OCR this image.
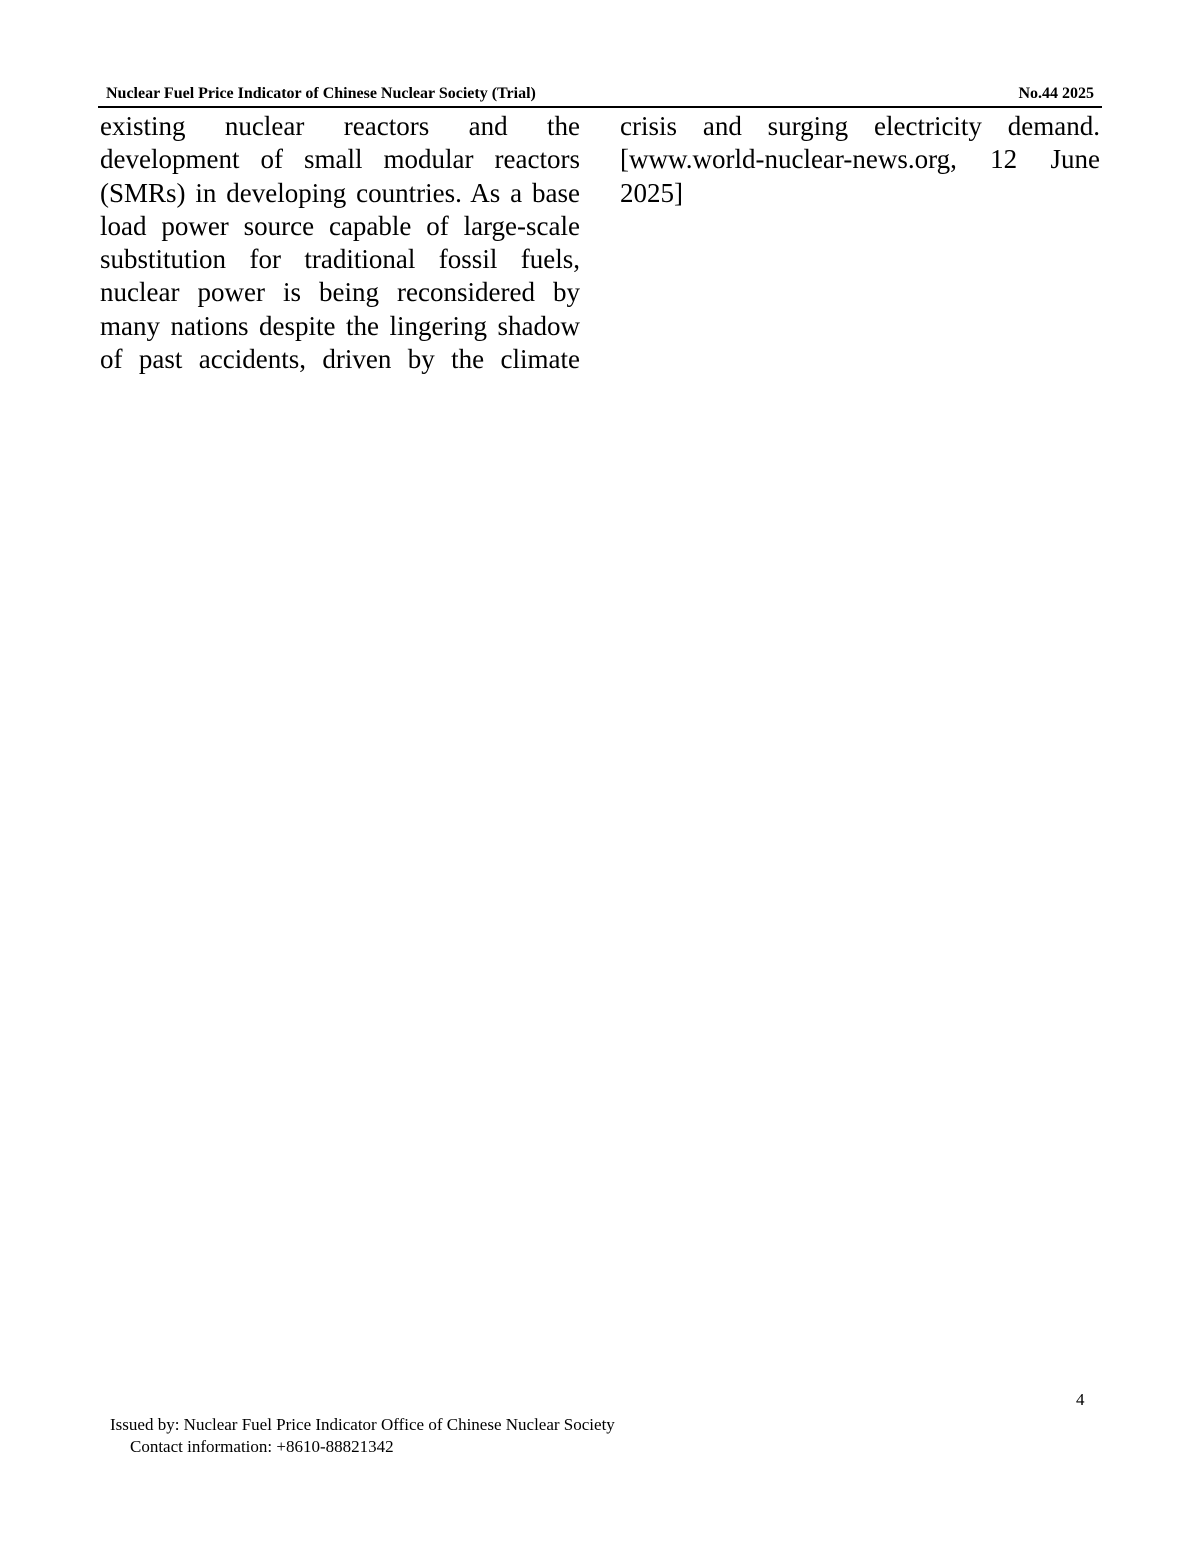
Nuclear Fuel Price Indicator of Chinese Nuclear Society (Trial)	No.44 2025
existing nuclear reactors and the
development of small modular reactors
(SMRs) in developing countries. As a base
load power source capable of large-scale
substitution for traditional fossil fuels,
nuclear power is being reconsidered by
many nations despite the lingering shadow
of past accidents, driven by the climate
crisis and surging electricity demand.
[www.world-nuclear-news.org, 12 June
2025]
4
Issued by: Nuclear Fuel Price Indicator Office of Chinese Nuclear Society
Contact information: +8610-88821342
